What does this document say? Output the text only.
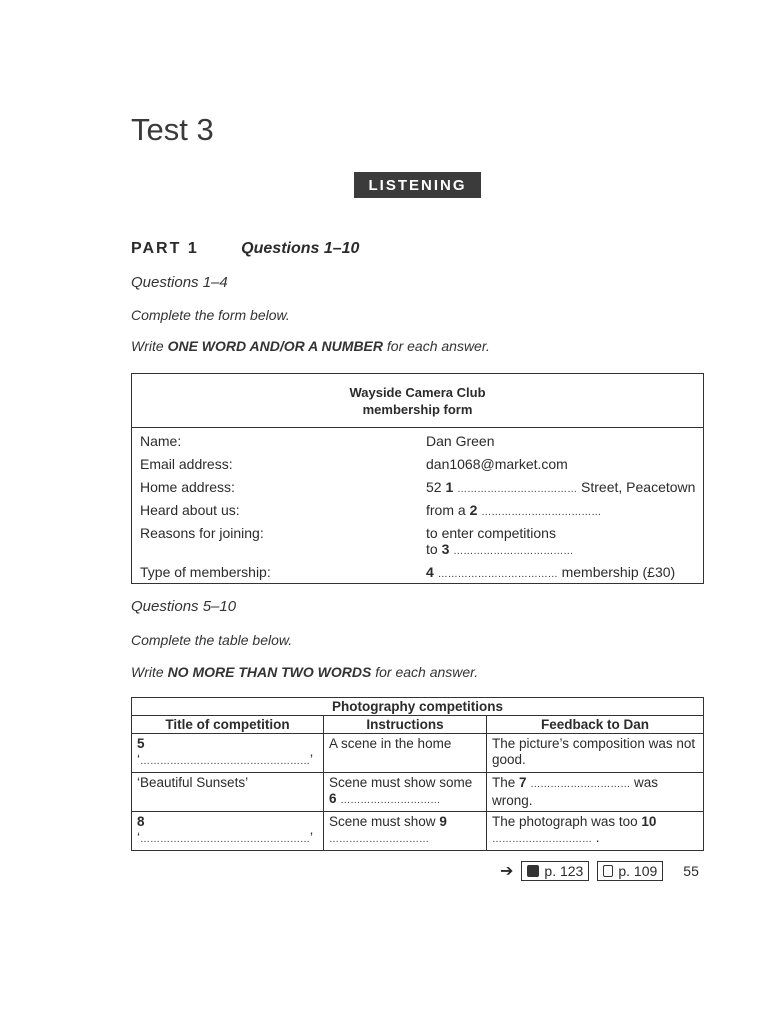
Test 3
LISTENING
PART 1	Questions 1–10
Questions 1–4
Complete the form below.
Write ONE WORD AND/OR A NUMBER for each answer.
Wayside Camera Club
membership form
Name:	Dan Green
Email address:	dan1068@market.com
Home address:	52 1 ……………………………… Street, Peacetown
Heard about us:	from a 2 ………………………………
Reasons for joining:	to enter competitions
to 3 ………………………………
Type of membership:	4 ……………………………… membership (£30)
Questions 5–10
Complete the table below.
Write NO MORE THAN TWO WORDS for each answer.
Photography competitions		
Title of competition	Instructions	Feedback to Dan
5 ‘……………………………………………’	A scene in the home	The picture’s composition was not good.
‘Beautiful Sunsets’	Scene must show some 6 …………………………	The 7 ………………………… was wrong.
8 ‘……………………………………………’	Scene must show 9 …………………………	The photograph was too 10 ………………………… .
➔ p. 123	p. 109 55
